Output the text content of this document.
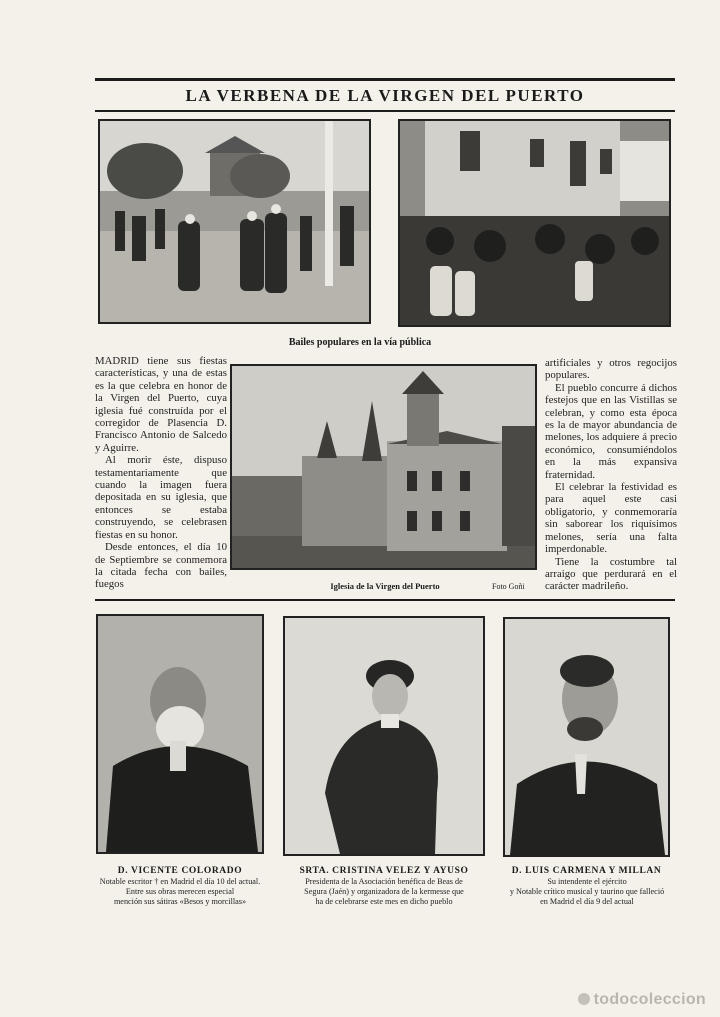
LA VERBENA DE LA VIRGEN DEL PUERTO
Bailes populares en la vía pública

MADRID tiene sus fiestas características, y una de estas es la que celebra en honor de la Virgen del Puerto, cuya iglesia fué construída por el corregidor de Plasencia D. Francisco Antonio de Salcedo y Aguirre.

Al morir éste, dispuso testamentariamente que cuando la imagen fuera depositada en su iglesia, que entonces se estaba construyendo, se celebrasen fiestas en su honor.

Desde entonces, el día 10 de Septiembre se conmemora la citada fecha con bailes, fuegos	Iglesia de la Virgen del Puerto	Foto Goñi

artificiales y otros regocijos populares.

El pueblo concurre á dichos festejos que en las Vistillas se celebran, y como esta época es la de mayor abundancia de melones, los adquiere á precio económico, consumiéndolos en la más expansiva fraternidad.

El celebrar la festividad es para aquel este casi obligatorio, y conmemoraría sin saborear los riquísimos melones, sería una falta imperdonable.

Tiene la costumbre tal arraigo que perdurará en el carácter madrileño.

D. VICENTE COLORADO
Notable escritor † en Madrid el día 10 del actual.
Entre sus obras merecen especial
mención sus sátiras «Besos y morcillas»
SRTA. CRISTINA VELEZ Y AYUSO
Presidenta de la Asociación benéfica de Beas de
Segura (Jaén) y organizadora de la kermesse que
ha de celebrarse este mes en dicho pueblo
D. LUIS CARMENA Y MILLAN
Su intendente el ejército
y Notable crítico musical y taurino que falleció
en Madrid el día 9 del actual
todocoleccion
